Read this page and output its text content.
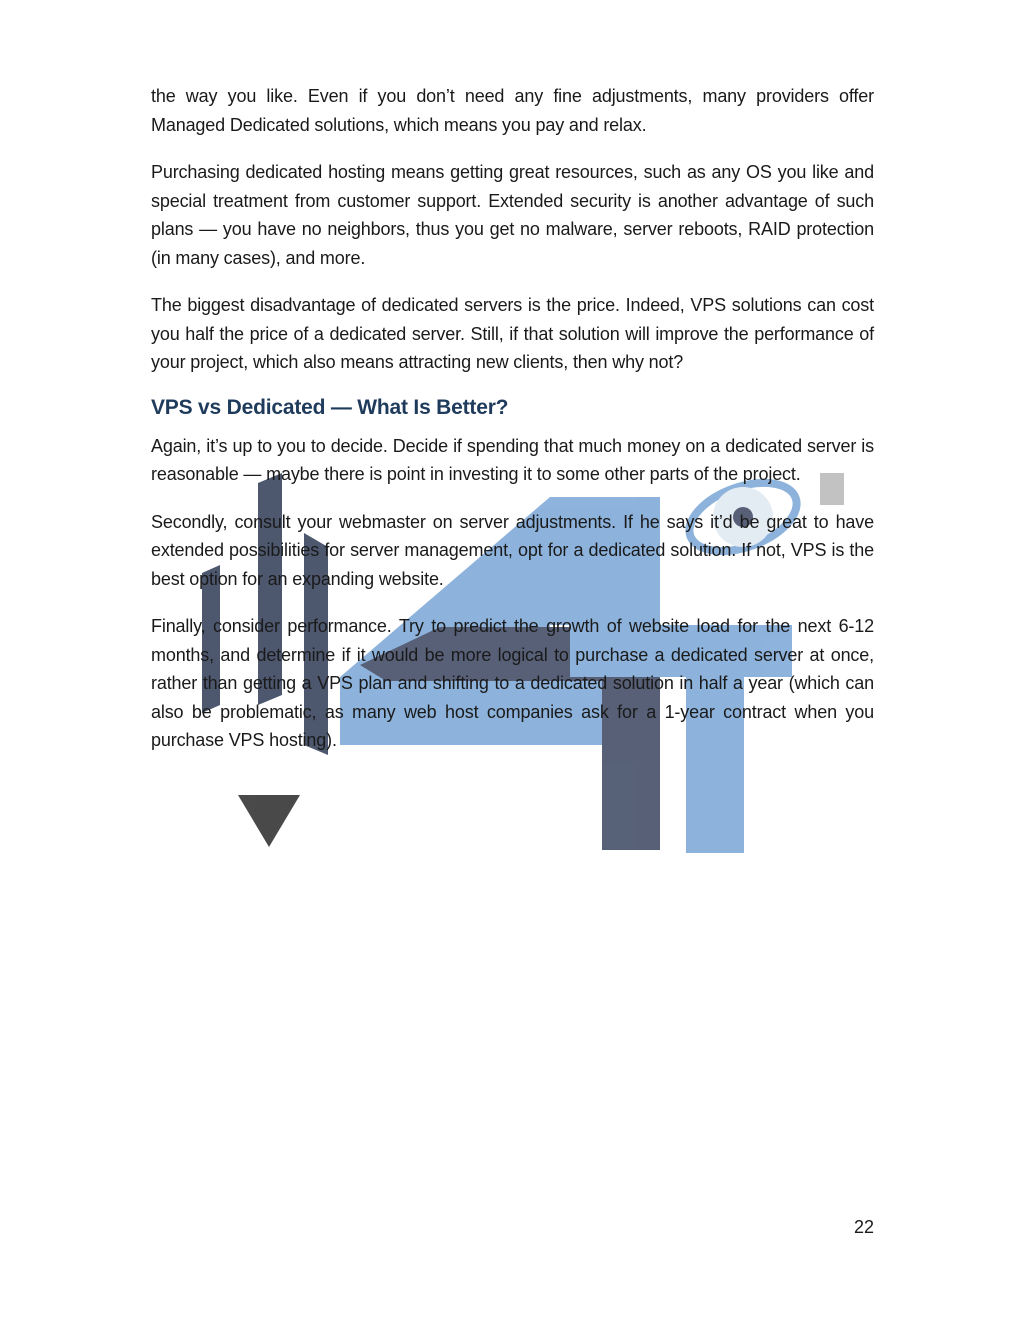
the way you like. Even if you don’t need any fine adjustments, many providers offer Managed Dedicated solutions, which means you pay and relax.

Purchasing dedicated hosting means getting great resources, such as any OS you like and special treatment from customer support. Extended security is another advantage of such plans — you have no neighbors, thus you get no malware, server reboots, RAID protection (in many cases), and more.

The biggest disadvantage of dedicated servers is the price. Indeed, VPS solutions can cost you half the price of a dedicated server. Still, if that solution will improve the performance of your project, which also means attracting new clients, then why not?

VPS vs Dedicated — What Is Better?

Again, it’s up to you to decide. Decide if spending that much money on a dedicated server is reasonable — maybe there is point in investing it to some other parts of the project.

Secondly, consult your webmaster on server adjustments. If he says it’d be great to have extended possibilities for server management, opt for a dedicated solution. If not, VPS is the best option for an expanding website.

Finally, consider performance. Try to predict the growth of website load for the next 6-12 months, and determine if it would be more logical to purchase a dedicated server at once, rather than getting a VPS plan and shifting to a dedicated solution in half a year (which can also be problematic, as many web host companies ask for a 1-year contract when you purchase VPS hosting).

22
